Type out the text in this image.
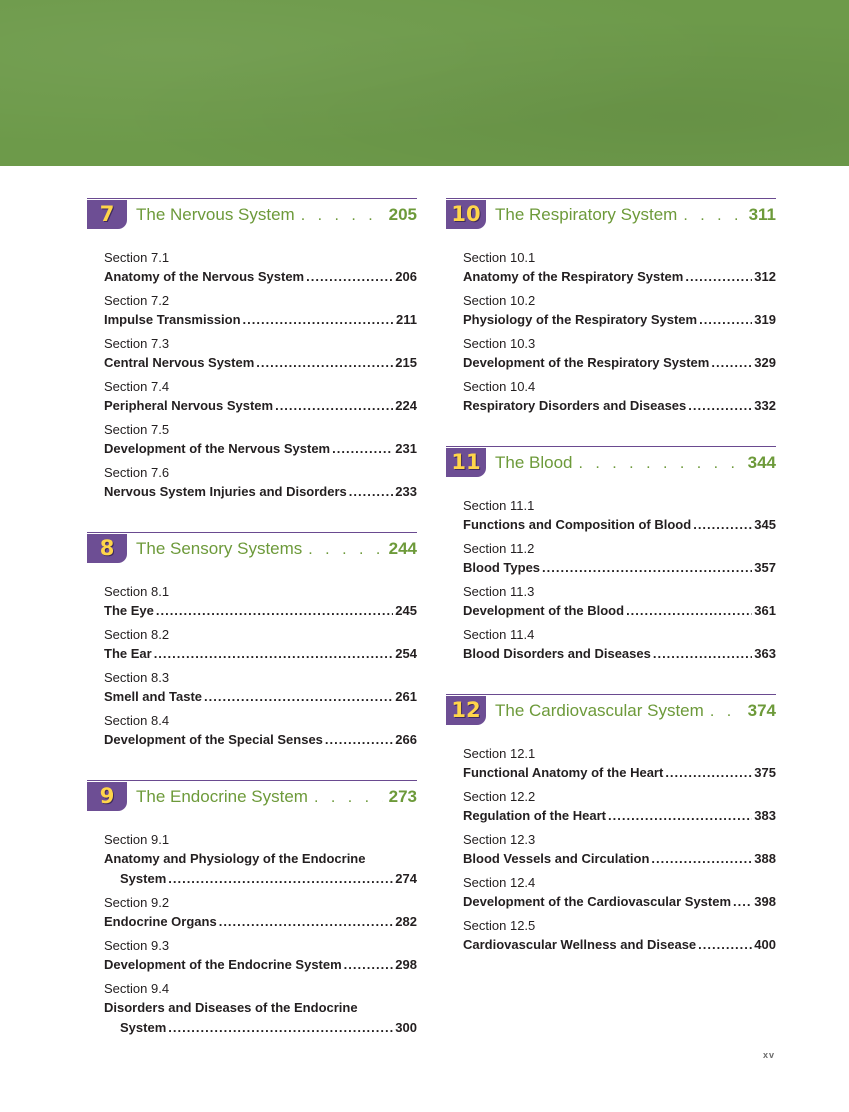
7	The Nervous System . . .	205
Section 7.1
Anatomy of the Nervous System .....	206
Section 7.2
Impulse Transmission .....	211
Section 7.3
Central Nervous System .....	215
Section 7.4
Peripheral Nervous System .....	224
Section 7.5
Development of the Nervous System .....	231
Section 7.6
Nervous System Injuries and Disorders .....	233
8	The Sensory Systems . . .	244
Section 8.1
The Eye .....	245
Section 8.2
The Ear .....	254
Section 8.3
Smell and Taste .....	261
Section 8.4
Development of the Special Senses .....	266
9	The Endocrine System . . .	273
Section 9.1
Anatomy and Physiology of the Endocrine
System .....	274
Section 9.2
Endocrine Organs .....	282
Section 9.3
Development of the Endocrine System .....	298
Section 9.4
Disorders and Diseases of the Endocrine
System .....	300
10 The Respiratory System . . .	311
Section 10.1
Anatomy of the Respiratory System .....	312
Section 10.2
Physiology of the Respiratory System .....	319
Section 10.3
Development of the Respiratory System .....	329
Section 10.4
Respiratory Disorders and Diseases .....	332
11 The Blood . . .	344
Section 11.1
Functions and Composition of Blood .....	345
Section 11.2
Blood Types .....	357
Section 11.3
Development of the Blood .....	361
Section 11.4
Blood Disorders and Diseases .....	363
12 The Cardiovascular System . . .	374
Section 12.1
Functional Anatomy of the Heart .....	375
Section 12.2
Regulation of the Heart .....	383
Section 12.3
Blood Vessels and Circulation .....	388
Section 12.4
Development of the Cardiovascular System ..... 398
Section 12.5
Cardiovascular Wellness and Disease .....	400
xv
